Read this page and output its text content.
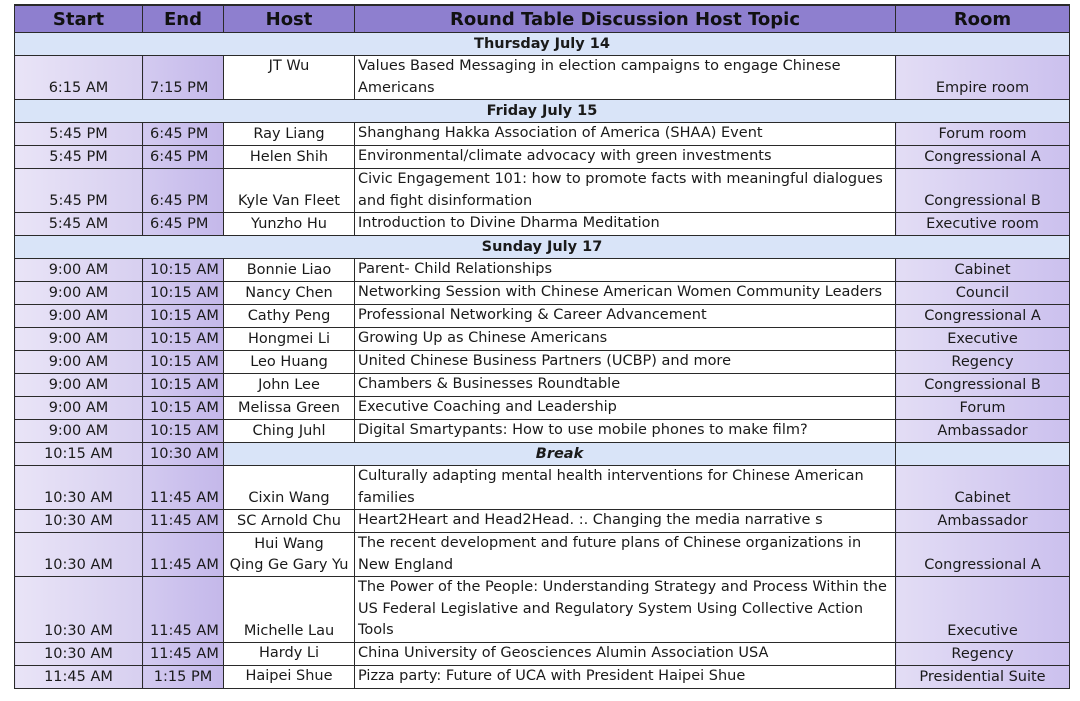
Start	End	Host	Round Table Discussion Host Topic	Room
Thursday July 14				
6:15 AM	7:15 PM	JT Wu	Values Based Messaging in election campaigns to engage Chinese Americans	Empire room
Friday July 15				
5:45 PM	6:45 PM	Ray Liang	Shanghang Hakka Association of America (SHAA) Event	Forum room
5:45 PM	6:45 PM	Helen Shih	Environmental/climate advocacy with green investments	Congressional A
5:45 PM	6:45 PM	Kyle Van Fleet	Civic Engagement 101: how to promote facts with meaningful dialogues and fight disinformation	Congressional B
5:45 AM	6:45 PM	Yunzho Hu	Introduction to Divine Dharma Meditation	Executive room
Sunday July 17				
9:00 AM	10:15 AM	Bonnie Liao	Parent- Child Relationships	Cabinet
9:00 AM	10:15 AM	Nancy Chen	Networking Session with Chinese American Women Community Leaders	Council
9:00 AM	10:15 AM	Cathy Peng	Professional Networking & Career Advancement	Congressional A
9:00 AM	10:15 AM	Hongmei Li	Growing Up as Chinese Americans	Executive
9:00 AM	10:15 AM	Leo Huang	United Chinese Business Partners (UCBP) and more	Regency
9:00 AM	10:15 AM	John Lee	Chambers & Businesses Roundtable	Congressional B
9:00 AM	10:15 AM	Melissa Green	Executive Coaching and Leadership	Forum
9:00 AM	10:15 AM	Ching Juhl	Digital Smartypants: How to use mobile phones to make film?	Ambassador
10:15 AM	10:30 AM	Break		
10:30 AM	11:45 AM	Cixin Wang	Culturally adapting mental health interventions for Chinese American families	Cabinet
10:30 AM	11:45 AM	SC Arnold Chu	Heart2Heart and Head2Head. :. Changing the media narrative s	Ambassador
10:30 AM	11:45 AM	Hui Wang
Qing Ge Gary Yu	The recent development and future plans of Chinese organizations in New England	Congressional A
10:30 AM	11:45 AM	Michelle Lau	The Power of the People: Understanding Strategy and Process Within the US Federal Legislative and Regulatory System Using Collective Action Tools	Executive
10:30 AM	11:45 AM	Hardy Li	China University of Geosciences Alumin Association USA	Regency
11:45 AM	1:15 PM	Haipei Shue	Pizza party: Future of UCA with President Haipei Shue	Presidential Suite
